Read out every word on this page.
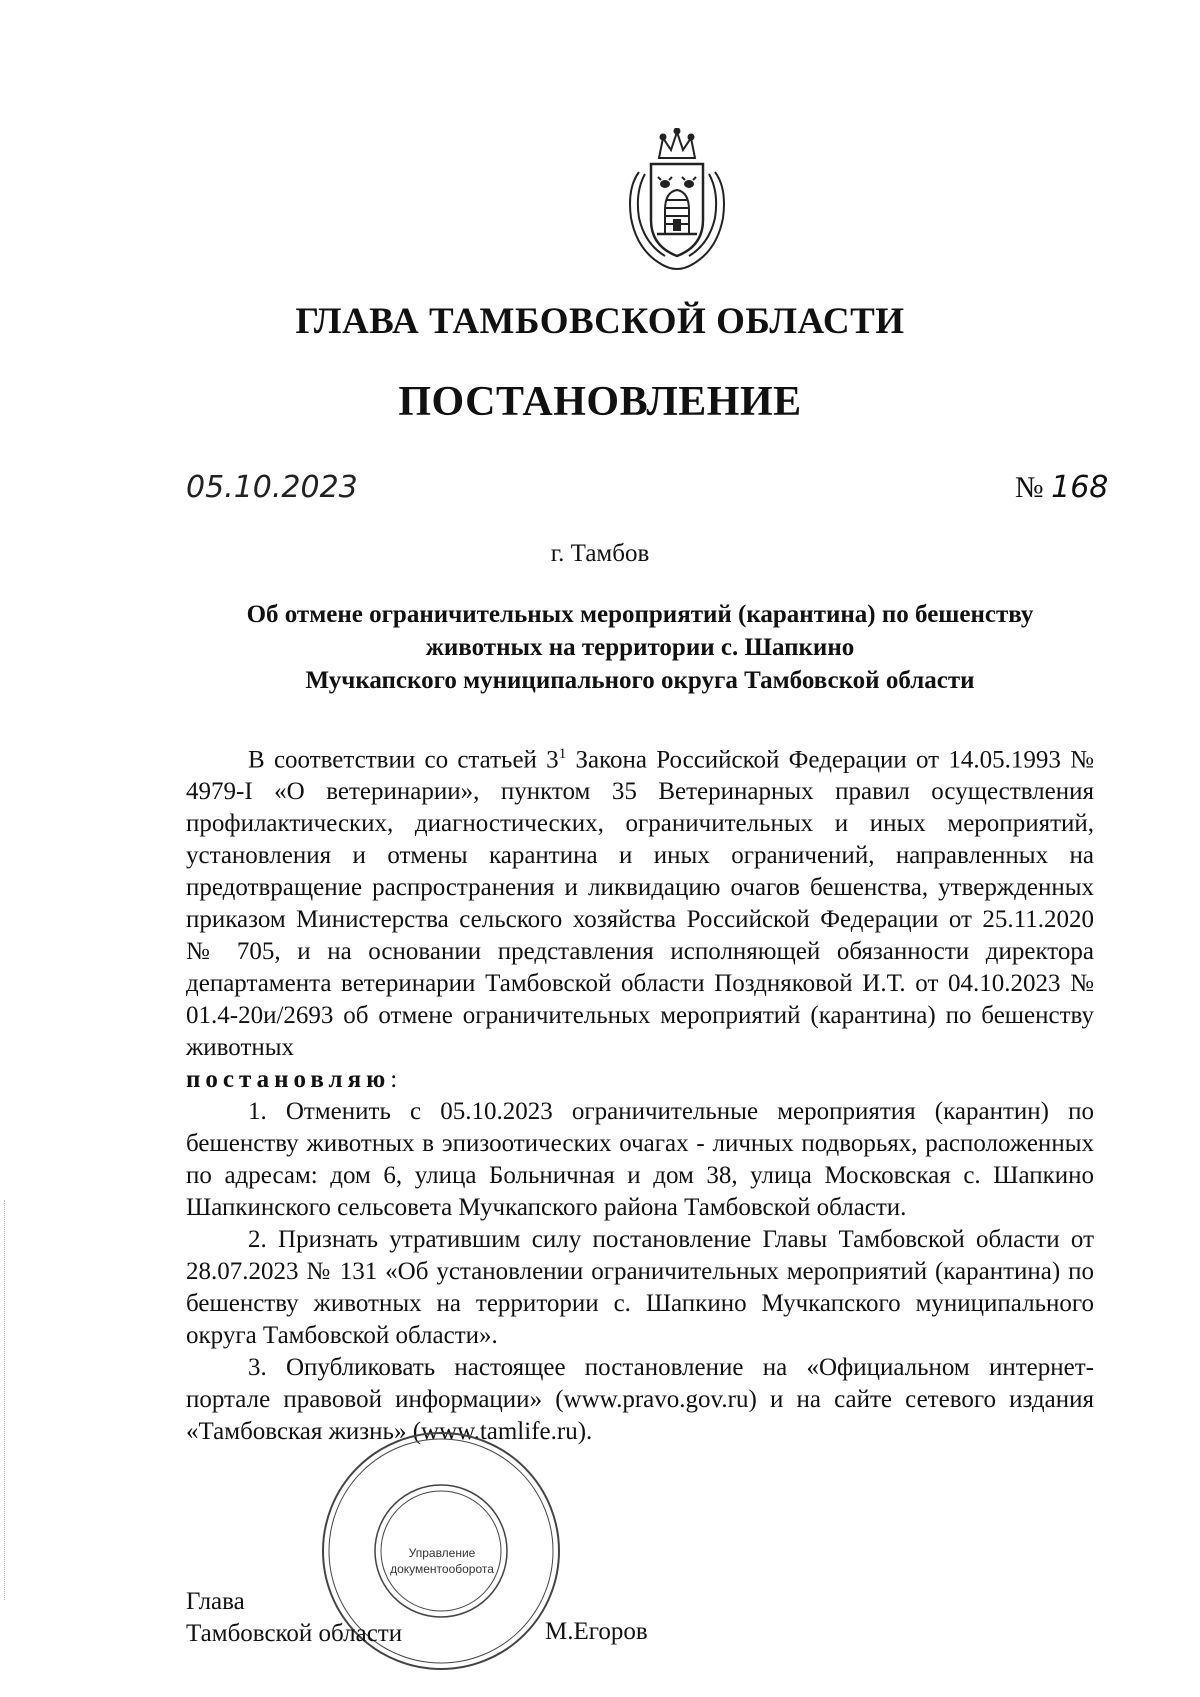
ГЛАВА ТАМБОВСКОЙ ОБЛАСТИ
ПОСТАНОВЛЕНИЕ
05.10.2023	№ 168
г. Тамбов
Об отмене ограничительных мероприятий (карантина) по бешенству
животных на территории с. Шапкино
Мучкапского муниципального округа Тамбовской области

В соответствии со статьей $3^1$ Закона Российской Федерации от 14.05.1993 № 4979-I «О ветеринарии», пунктом 35 Ветеринарных правил осуществления профилактических, диагностических, ограничительных и иных мероприятий, установления и отмены карантина и иных ограничений, направленных на предотвращение распространения и ликвидацию очагов бешенства, утвержденных приказом Министерства сельского хозяйства Российской Федерации от 25.11.2020 № 705, и на основании представления исполняющей обязанности директора департамента ветеринарии Тамбовской области Поздняковой И.Т. от 04.10.2023 № 01.4-20и/2693 об отмене ограничительных мероприятий (карантина) по бешенству животных

постановляю:

1. Отменить с 05.10.2023 ограничительные мероприятия (карантин) по бешенству животных в эпизоотических очагах - личных подворьях, расположенных по адресам: дом 6, улица Больничная и дом 38, улица Московская с. Шапкино Шапкинского сельсовета Мучкапского района Тамбовской области.

2. Признать утратившим силу постановление Главы Тамбовской области от 28.07.2023 № 131 «Об установлении ограничительных мероприятий (карантина) по бешенству животных на территории с. Шапкино Мучкапского муниципального округа Тамбовской области».

3. Опубликовать настоящее постановление на «Официальном интернет-портале правовой информации» (www.pravo.gov.ru) и на сайте сетевого издания «Тамбовская жизнь» (www.tamlife.ru).

Управление
документооборота
Глава
Тамбовской области	М.Егоров
